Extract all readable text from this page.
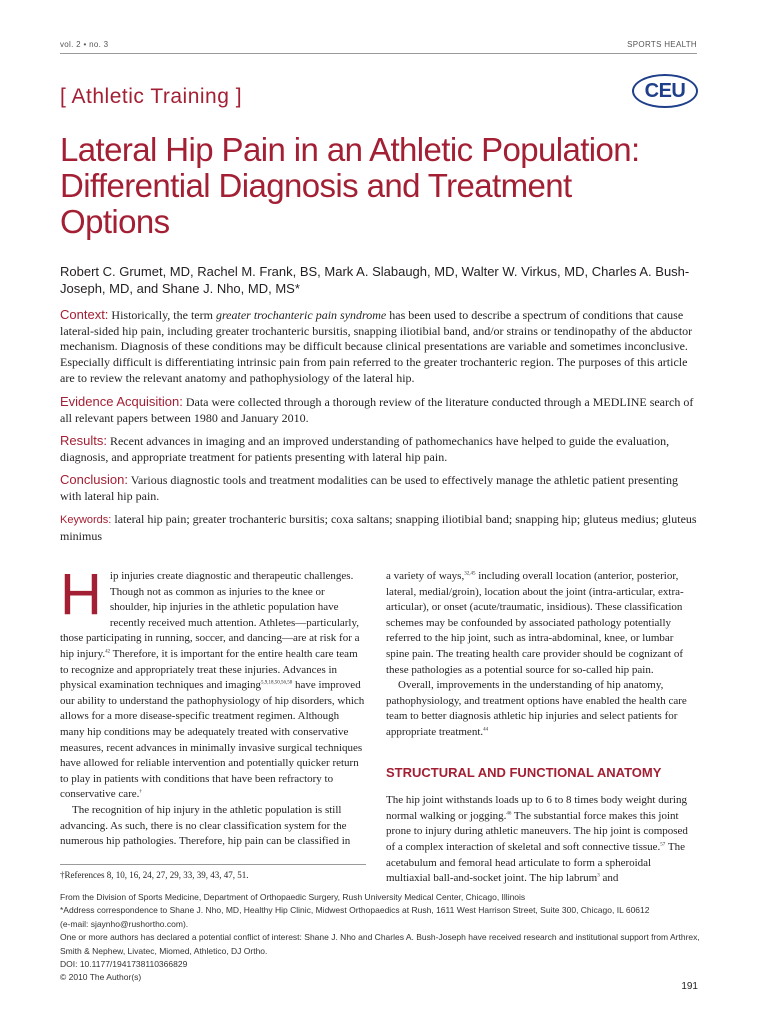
vol. 2 • no. 3	SPORTS HEALTH
[ Athletic Training ]	CEU
Lateral Hip Pain in an Athletic Population: Differential Diagnosis and Treatment Options
Robert C. Grumet, MD, Rachel M. Frank, BS, Mark A. Slabaugh, MD, Walter W. Virkus, MD, Charles A. Bush-Joseph, MD, and Shane J. Nho, MD, MS*
Context: Historically, the term greater trochanteric pain syndrome has been used to describe a spectrum of conditions that cause lateral-sided hip pain, including greater trochanteric bursitis, snapping iliotibial band, and/or strains or tendinopathy of the abductor mechanism. Diagnosis of these conditions may be difficult because clinical presentations are variable and sometimes inconclusive. Especially difficult is differentiating intrinsic pain from pain referred to the greater trochanteric region. The purposes of this article are to review the relevant anatomy and pathophysiology of the lateral hip.
Evidence Acquisition: Data were collected through a thorough review of the literature conducted through a MEDLINE search of all relevant papers between 1980 and January 2010.
Results: Recent advances in imaging and an improved understanding of pathomechanics have helped to guide the evaluation, diagnosis, and appropriate treatment for patients presenting with lateral hip pain.
Conclusion: Various diagnostic tools and treatment modalities can be used to effectively manage the athletic patient presenting with lateral hip pain.
Keywords: lateral hip pain; greater trochanteric bursitis; coxa saltans; snapping iliotibial band; snapping hip; gluteus medius; gluteus minimus

Hip injuries create diagnostic and therapeutic challenges. Though not as common as injuries to the knee or shoulder, hip injuries in the athletic population have recently received much attention. Athletes—particularly, those participating in running, soccer, and dancing—are at risk for a hip injury.$^{42}$ Therefore, it is important for the entire health care team to recognize and appropriately treat these injuries. Advances in physical examination techniques and imaging$^{5,9,18,50,56,58}$ have improved our ability to understand the pathophysiology of hip disorders, which allows for a more disease-specific treatment regimen. Although many hip conditions may be adequately treated with conservative measures, recent advances in minimally invasive surgical techniques have allowed for reliable intervention and potentially quicker return to play in patients with conditions that have been refractory to conservative care.†

The recognition of hip injury in the athletic population is still advancing. As such, there is no clear classification system for the numerous hip pathologies. Therefore, hip pain can be classified in

a variety of ways,$^{32,45}$ including overall location (anterior, posterior, lateral, medial/groin), location about the joint (intra-articular, extra-articular), or onset (acute/traumatic, insidious). These classification schemes may be confounded by associated pathology potentially referred to the hip joint, such as intra-abdominal, knee, or lumbar spine pain. The treating health care provider should be cognizant of these pathologies as a potential source for so-called hip pain.

Overall, improvements in the understanding of hip anatomy, pathophysiology, and treatment options have enabled the health care team to better diagnosis athletic hip injuries and select patients for appropriate treatment.$^{44}$

STRUCTURAL AND FUNCTIONAL ANATOMY

The hip joint withstands loads up to 6 to 8 times body weight during normal walking or jogging.$^{46}$ The substantial force makes this joint prone to injury during athletic maneuvers. The hip joint is composed of a complex interaction of skeletal and soft connective tissue.$^{57}$ The acetabulum and femoral head articulate to form a spheroidal multiaxial ball-and-socket joint. The hip labrum$^3$ and

†References 8, 10, 16, 24, 27, 29, 33, 39, 43, 47, 51.
From the Division of Sports Medicine, Department of Orthopaedic Surgery, Rush University Medical Center, Chicago, Illinois
*Address correspondence to Shane J. Nho, MD, Healthy Hip Clinic, Midwest Orthopaedics at Rush, 1611 West Harrison Street, Suite 300, Chicago, IL 60612
(e-mail: sjaynho@rushortho.com).
One or more authors has declared a potential conflict of interest: Shane J. Nho and Charles A. Bush-Joseph have received research and institutional support from Arthrex,
Smith & Nephew, Livatec, Miomed, Athletico, DJ Ortho.
DOI: 10.1177/1941738110366829
© 2010 The Author(s)
191
